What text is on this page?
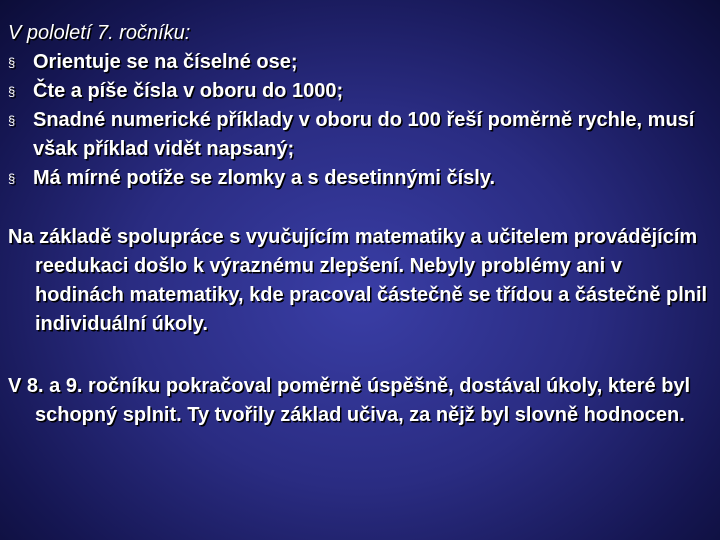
V pololetí 7. ročníku:

§ Orientuje se na číselné ose;
§ Čte a píše čísla v oboru do 1000;
§ Snadné numerické příklady v oboru do 100 řeší poměrně rychle, musí však příklad vidět napsaný;
§ Má mírné potíže se zlomky a s desetinnými čísly.

Na základě spolupráce s vyučujícím matematiky a učitelem provádějícím reedukaci došlo k výraznému zlepšení. Nebyly problémy ani v hodinách matematiky, kde pracoval částečně se třídou a částečně plnil individuální úkoly.

V 8. a 9. ročníku pokračoval poměrně úspěšně, dostával úkoly, které byl schopný splnit. Ty tvořily základ učiva, za nějž byl slovně hodnocen.
